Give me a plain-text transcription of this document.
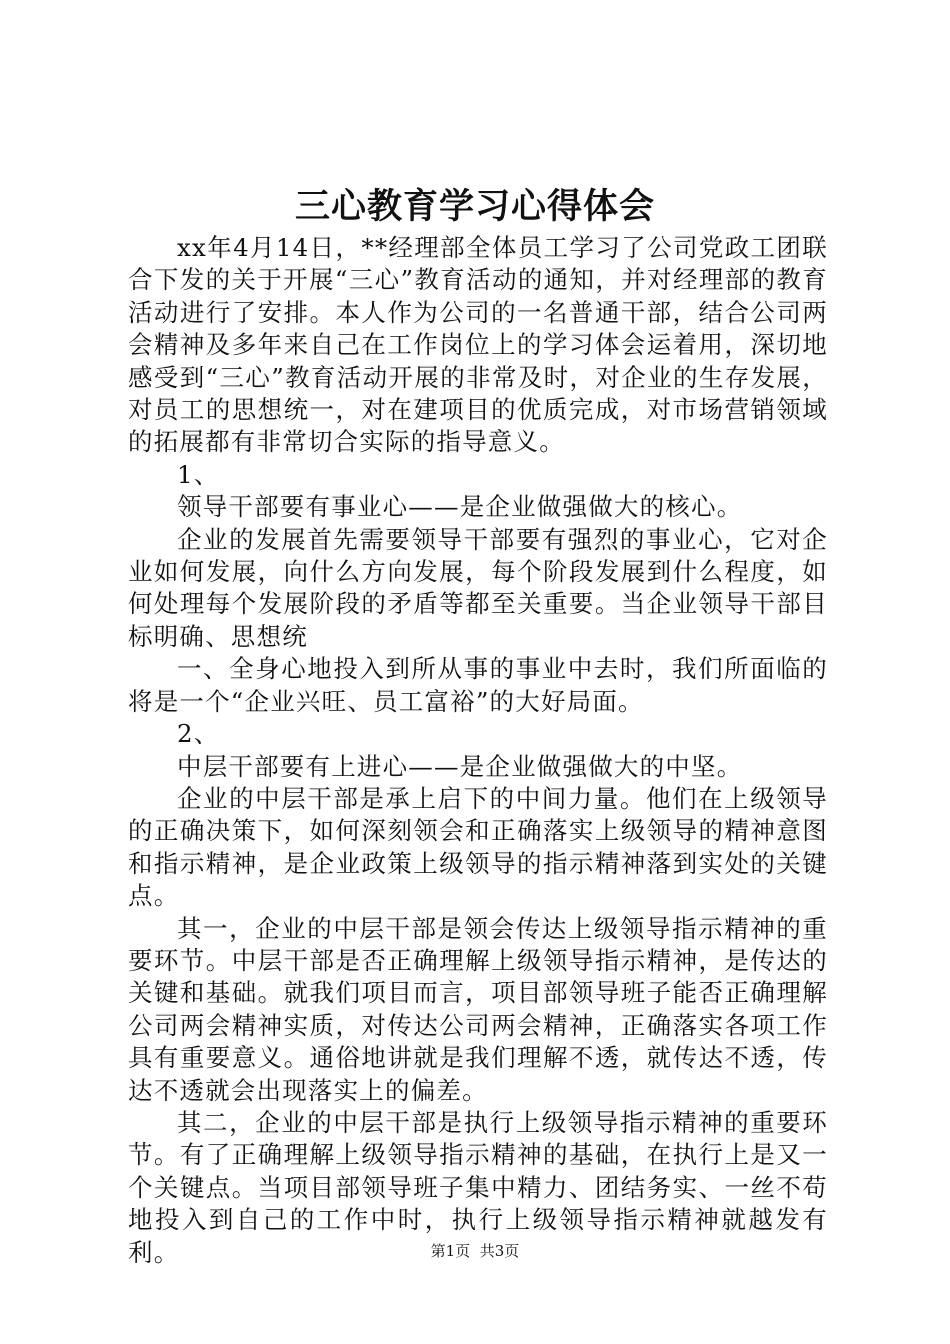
三心教育学习心得体会

xx年4月14日，**经理部全体员工学习了公司党政工团联合下发的关于开展“三心”教育活动的通知，并对经理部的教育活动进行了安排。本人作为公司的一名普通干部，结合公司两会精神及多年来自己在工作岗位上的学习体会运着用，深切地感受到“三心”教育活动开展的非常及时，对企业的生存发展，对员工的思想统一，对在建项目的优质完成，对市场营销领域的拓展都有非常切合实际的指导意义。

1、

领导干部要有事业心——是企业做强做大的核心。

企业的发展首先需要领导干部要有强烈的事业心，它对企业如何发展，向什么方向发展，每个阶段发展到什么程度，如何处理每个发展阶段的矛盾等都至关重要。当企业领导干部目标明确、思想统

一、全身心地投入到所从事的事业中去时，我们所面临的将是一个“企业兴旺、员工富裕”的大好局面。

2、

中层干部要有上进心——是企业做强做大的中坚。

企业的中层干部是承上启下的中间力量。他们在上级领导的正确决策下，如何深刻领会和正确落实上级领导的精神意图和指示精神，是企业政策上级领导的指示精神落到实处的关键点。

其一，企业的中层干部是领会传达上级领导指示精神的重要环节。中层干部是否正确理解上级领导指示精神，是传达的关键和基础。就我们项目而言，项目部领导班子能否正确理解公司两会精神实质，对传达公司两会精神，正确落实各项工作具有重要意义。通俗地讲就是我们理解不透，就传达不透，传达不透就会出现落实上的偏差。

其二，企业的中层干部是执行上级领导指示精神的重要环节。有了正确理解上级领导指示精神的基础，在执行上是又一个关键点。当项目部领导班子集中精力、团结务实、一丝不苟地投入到自己的工作中时，执行上级领导指示精神就越发有利。	第1页 共3页
